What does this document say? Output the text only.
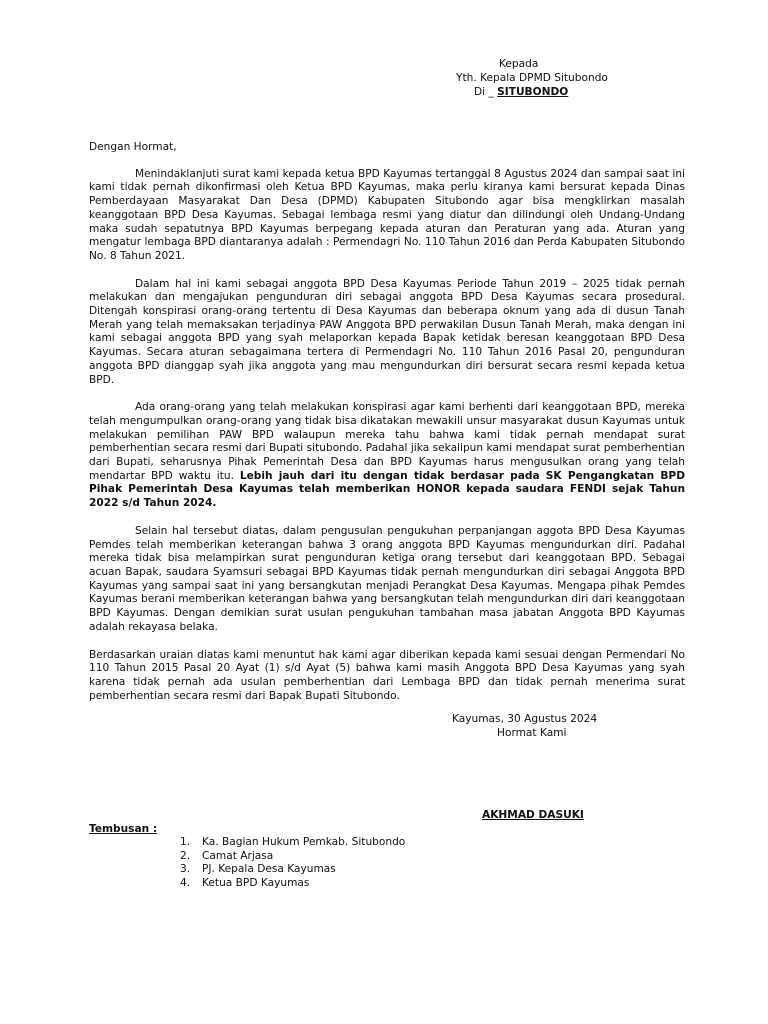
Kepada
Yth. Kepala DPMD Situbondo
Di _ SITUBONDO
Dengan Hormat,

Menindaklanjuti surat kami kepada ketua BPD Kayumas tertanggal 8 Agustus 2024 dan sampai saat ini kami tidak pernah dikonfirmasi oleh Ketua BPD Kayumas, maka perlu kiranya kami bersurat kepada Dinas Pemberdayaan Masyarakat Dan Desa (DPMD) Kabupaten Situbondo agar bisa mengklirkan masalah keanggotaan BPD Desa Kayumas. Sebagai lembaga resmi yang diatur dan dilindungi oleh Undang-Undang maka sudah sepatutnya BPD Kayumas berpegang kepada aturan dan Peraturan yang ada. Aturan yang mengatur lembaga BPD diantaranya adalah : Permendagri No. 110 Tahun 2016 dan Perda Kabupaten Situbondo No. 8 Tahun 2021.

Dalam hal ini kami sebagai anggota BPD Desa Kayumas Periode Tahun 2019 – 2025 tidak pernah melakukan dan mengajukan pengunduran diri sebagai anggota BPD Desa Kayumas secara prosedural. Ditengah konspirasi orang-orang tertentu di Desa Kayumas dan beberapa oknum yang ada di dusun Tanah Merah yang telah memaksakan terjadinya PAW Anggota BPD perwakilan Dusun Tanah Merah, maka dengan ini kami sebagai anggota BPD yang syah melaporkan kepada Bapak ketidak beresan keanggotaan BPD Desa Kayumas. Secara aturan sebagaimana tertera di Permendagri No. 110 Tahun 2016 Pasal 20, pengunduran anggota BPD dianggap syah jika anggota yang mau mengundurkan diri bersurat secara resmi kepada ketua BPD.

Ada orang-orang yang telah melakukan konspirasi agar kami berhenti dari keanggotaan BPD, mereka telah mengumpulkan orang-orang yang tidak bisa dikatakan mewakili unsur masyarakat dusun Kayumas untuk melakukan pemilihan PAW BPD walaupun mereka tahu bahwa kami tidak pernah mendapat surat pemberhentian secara resmi dari Bupati situbondo. Padahal jika sekalipun kami mendapat surat pemberhentian dari Bupati, seharusnya Pihak Pemerintah Desa dan BPD Kayumas harus mengusulkan orang yang telah mendartar BPD waktu itu. Lebih jauh dari itu dengan tidak berdasar pada SK Pengangkatan BPD Pihak Pemerintah Desa Kayumas telah memberikan HONOR kepada saudara FENDI sejak Tahun 2022 s/d Tahun 2024.

Selain hal tersebut diatas, dalam pengusulan pengukuhan perpanjangan aggota BPD Desa Kayumas Pemdes telah memberikan keterangan bahwa 3 orang anggota BPD Kayumas mengundurkan diri. Padahal mereka tidak bisa melampirkan surat pengunduran ketiga orang tersebut dari keanggotaan BPD. Sebagai acuan Bapak, saudara Syamsuri sebagai BPD Kayumas tidak pernah mengundurkan diri sebagai Anggota BPD Kayumas yang sampai saat ini yang bersangkutan menjadi Perangkat Desa Kayumas. Mengapa pihak Pemdes Kayumas berani memberikan keterangan bahwa yang bersangkutan telah mengundurkan diri dari keanggotaan BPD Kayumas. Dengan demikian surat usulan pengukuhan tambahan masa jabatan Anggota BPD Kayumas adalah rekayasa belaka.

Berdasarkan uraian diatas kami menuntut hak kami agar diberikan kepada kami sesuai dengan Permendari No 110 Tahun 2015 Pasal 20 Ayat (1) s/d Ayat (5) bahwa kami masih Anggota BPD Desa Kayumas yang syah karena tidak pernah ada usulan pemberhentian dari Lembaga BPD dan tidak pernah menerima surat pemberhentian secara resmi dari Bapak Bupati Situbondo.

Kayumas, 30 Agustus 2024
Hormat Kami
AKHMAD DASUKI
Tembusan :
1. Ka. Bagian Hukum Pemkab. Situbondo
2. Camat Arjasa
3. PJ. Kepala Desa Kayumas
4. Ketua BPD Kayumas
